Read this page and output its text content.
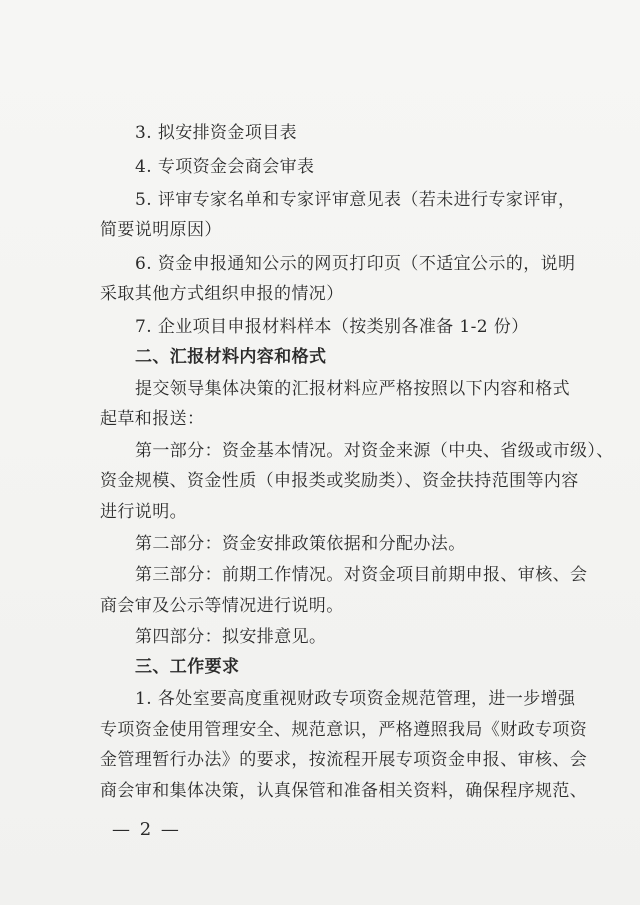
3. 拟安排资金项目表
4. 专项资金会商会审表
5. 评审专家名单和专家评审意见表（若未进行专家评审，
简要说明原因）
6. 资金申报通知公示的网页打印页（不适宜公示的，说明
采取其他方式组织申报的情况）
7. 企业项目申报材料样本（按类别各准备 1-2 份）
二、汇报材料内容和格式
提交领导集体决策的汇报材料应严格按照以下内容和格式
起草和报送：
第一部分：资金基本情况。对资金来源（中央、省级或市级）、
资金规模、资金性质（申报类或奖励类）、资金扶持范围等内容
进行说明。
第二部分：资金安排政策依据和分配办法。
第三部分：前期工作情况。对资金项目前期申报、审核、会
商会审及公示等情况进行说明。
第四部分：拟安排意见。
三、工作要求
1. 各处室要高度重视财政专项资金规范管理，进一步增强
专项资金使用管理安全、规范意识，严格遵照我局《财政专项资
金管理暂行办法》的要求，按流程开展专项资金申报、审核、会
商会审和集体决策，认真保管和准备相关资料，确保程序规范、
— 2 —
